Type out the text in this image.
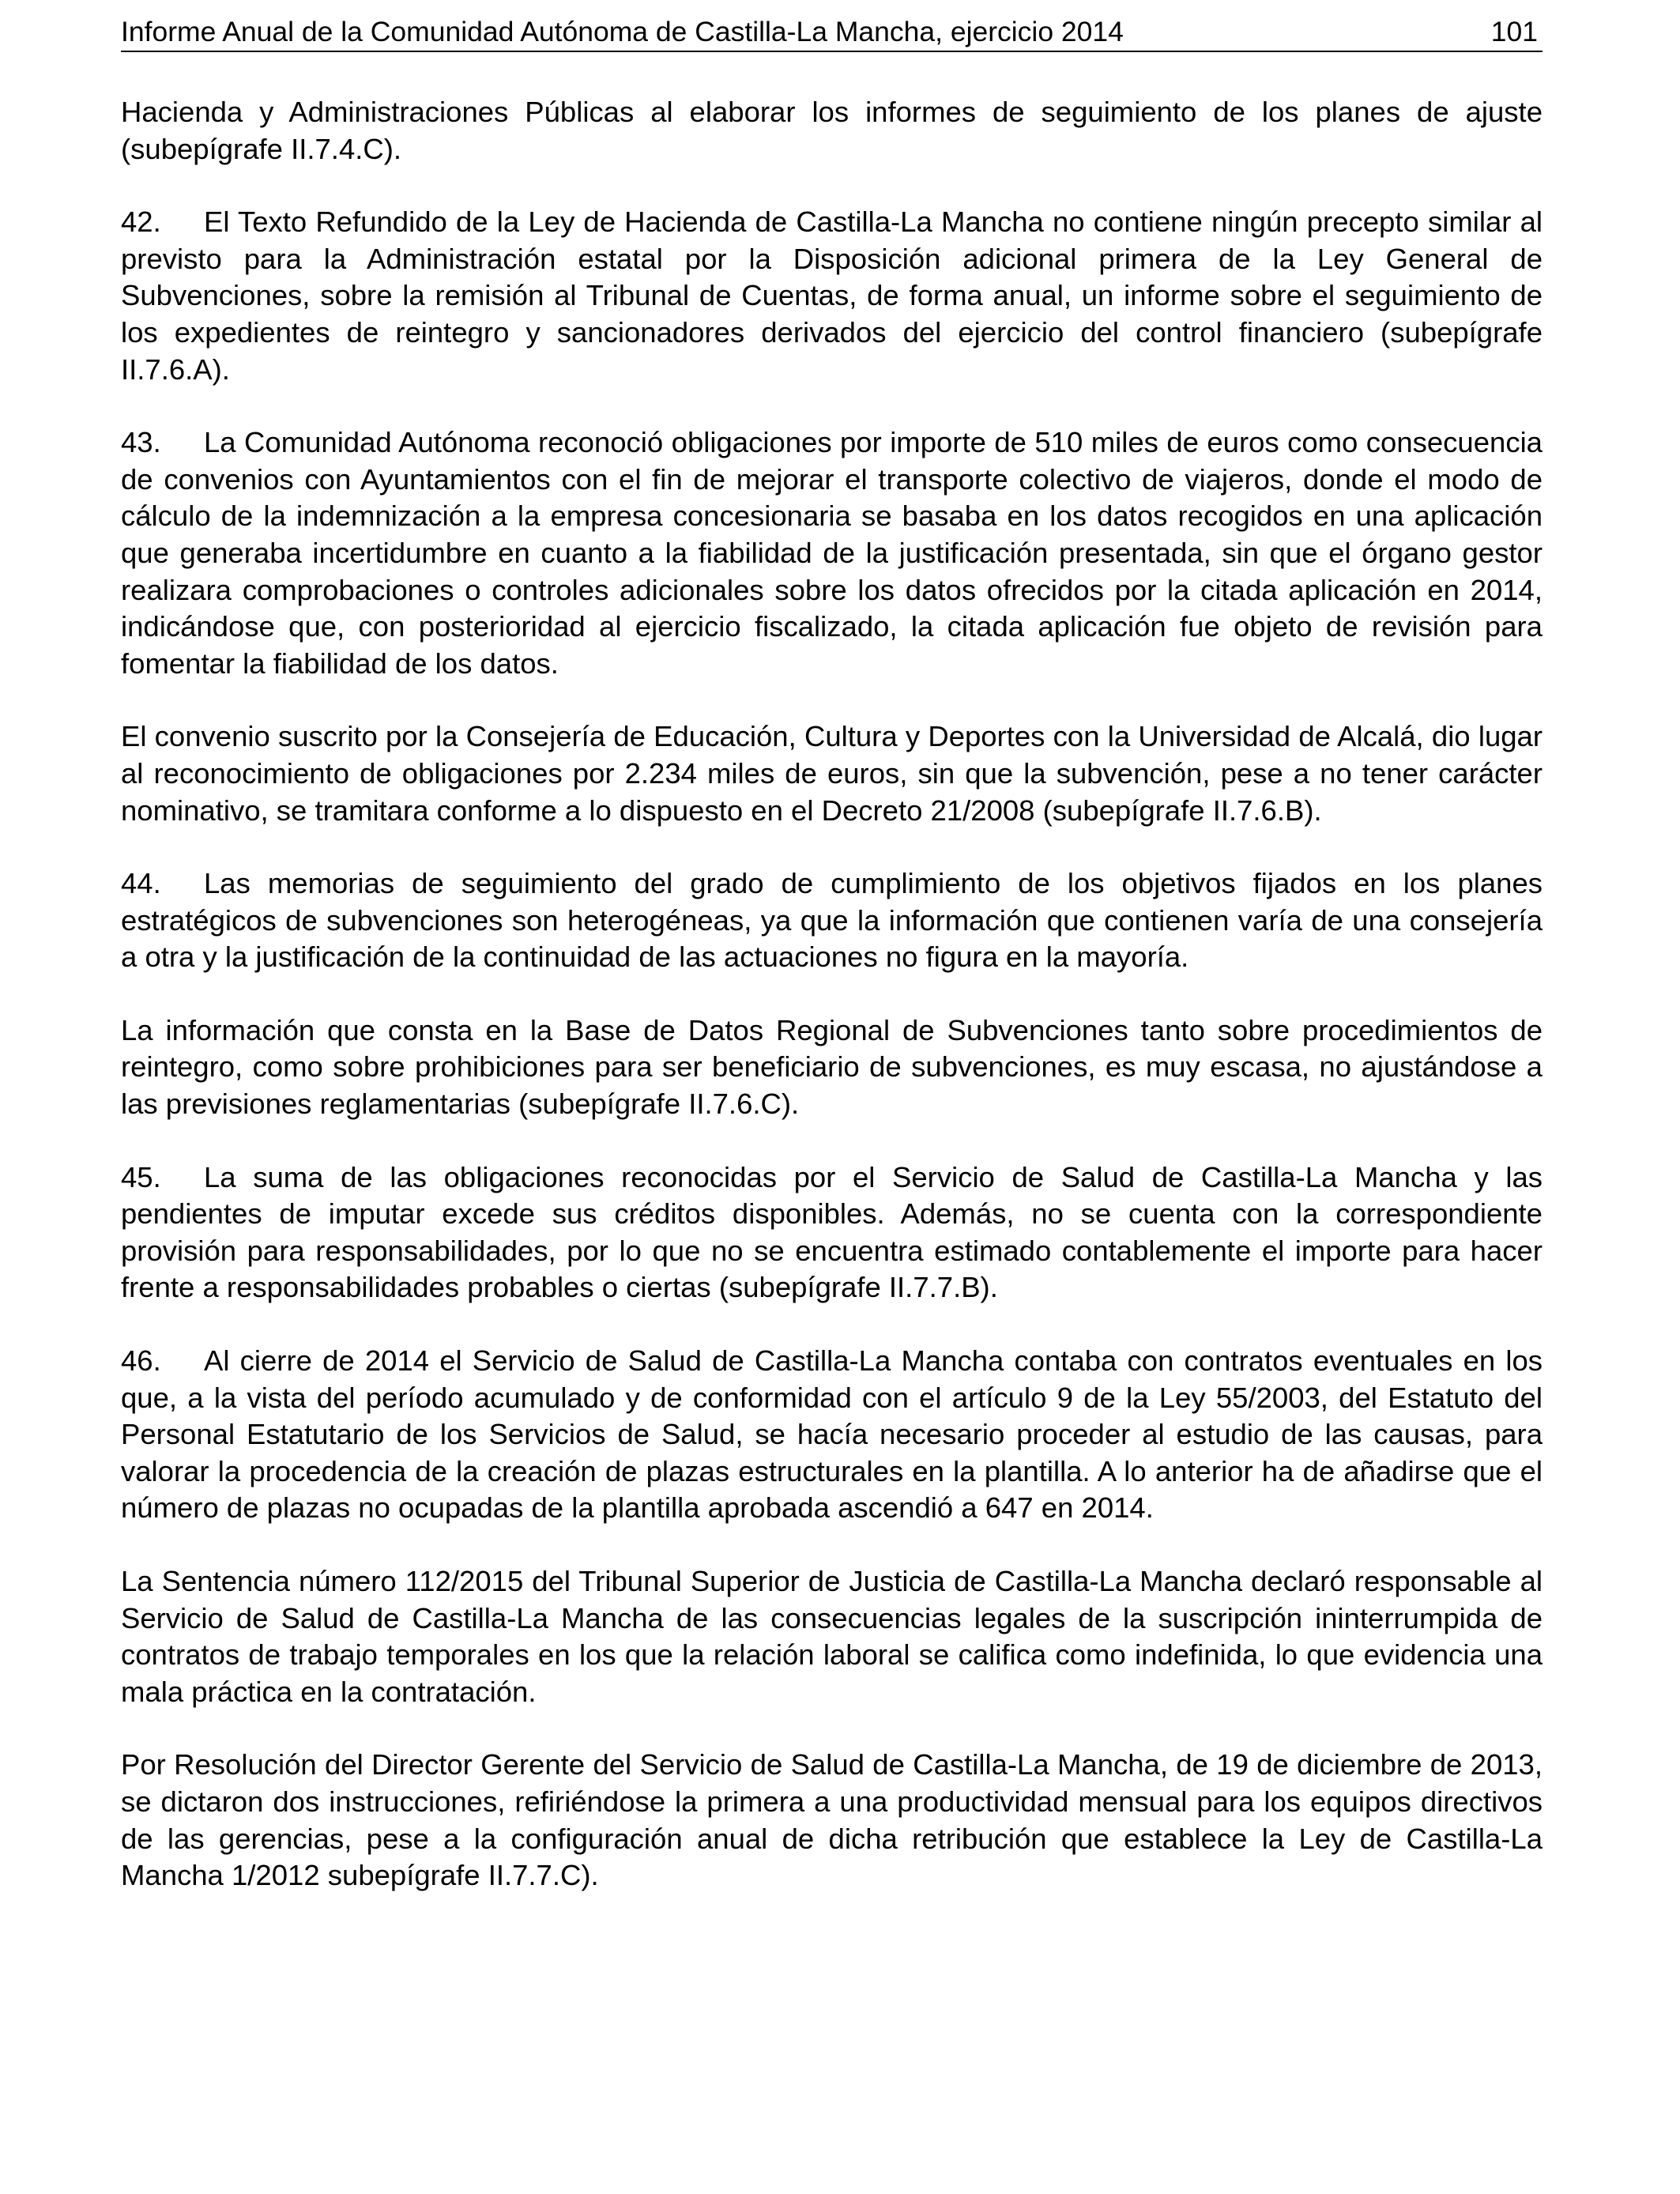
Informe Anual de la Comunidad Autónoma de Castilla-La Mancha, ejercicio 2014	101

Hacienda y Administraciones Públicas al elaborar los informes de seguimiento de los planes de ajuste (subepígrafe II.7.4.C).

42. El Texto Refundido de la Ley de Hacienda de Castilla-La Mancha no contiene ningún precepto similar al previsto para la Administración estatal por la Disposición adicional primera de la Ley General de Subvenciones, sobre la remisión al Tribunal de Cuentas, de forma anual, un informe sobre el seguimiento de los expedientes de reintegro y sancionadores derivados del ejercicio del control financiero (subepígrafe II.7.6.A).

43. La Comunidad Autónoma reconoció obligaciones por importe de 510 miles de euros como consecuencia de convenios con Ayuntamientos con el fin de mejorar el transporte colectivo de viajeros, donde el modo de cálculo de la indemnización a la empresa concesionaria se basaba en los datos recogidos en una aplicación que generaba incertidumbre en cuanto a la fiabilidad de la justificación presentada, sin que el órgano gestor realizara comprobaciones o controles adicionales sobre los datos ofrecidos por la citada aplicación en 2014, indicándose que, con posterioridad al ejercicio fiscalizado, la citada aplicación fue objeto de revisión para fomentar la fiabilidad de los datos.

El convenio suscrito por la Consejería de Educación, Cultura y Deportes con la Universidad de Alcalá, dio lugar al reconocimiento de obligaciones por 2.234 miles de euros, sin que la subvención, pese a no tener carácter nominativo, se tramitara conforme a lo dispuesto en el Decreto 21/2008 (subepígrafe II.7.6.B).

44. Las memorias de seguimiento del grado de cumplimiento de los objetivos fijados en los planes estratégicos de subvenciones son heterogéneas, ya que la información que contienen varía de una consejería a otra y la justificación de la continuidad de las actuaciones no figura en la mayoría.

La información que consta en la Base de Datos Regional de Subvenciones tanto sobre procedimientos de reintegro, como sobre prohibiciones para ser beneficiario de subvenciones, es muy escasa, no ajustándose a las previsiones reglamentarias (subepígrafe II.7.6.C).

45. La suma de las obligaciones reconocidas por el Servicio de Salud de Castilla-La Mancha y las pendientes de imputar excede sus créditos disponibles. Además, no se cuenta con la correspondiente provisión para responsabilidades, por lo que no se encuentra estimado contablemente el importe para hacer frente a responsabilidades probables o ciertas (subepígrafe II.7.7.B).

46. Al cierre de 2014 el Servicio de Salud de Castilla-La Mancha contaba con contratos eventuales en los que, a la vista del período acumulado y de conformidad con el artículo 9 de la Ley 55/2003, del Estatuto del Personal Estatutario de los Servicios de Salud, se hacía necesario proceder al estudio de las causas, para valorar la procedencia de la creación de plazas estructurales en la plantilla. A lo anterior ha de añadirse que el número de plazas no ocupadas de la plantilla aprobada ascendió a 647 en 2014.

La Sentencia número 112/2015 del Tribunal Superior de Justicia de Castilla-La Mancha declaró responsable al Servicio de Salud de Castilla-La Mancha de las consecuencias legales de la suscripción ininterrumpida de contratos de trabajo temporales en los que la relación laboral se califica como indefinida, lo que evidencia una mala práctica en la contratación.

Por Resolución del Director Gerente del Servicio de Salud de Castilla-La Mancha, de 19 de diciembre de 2013, se dictaron dos instrucciones, refiriéndose la primera a una productividad mensual para los equipos directivos de las gerencias, pese a la configuración anual de dicha retribución que establece la Ley de Castilla-La Mancha 1/2012 subepígrafe II.7.7.C).
